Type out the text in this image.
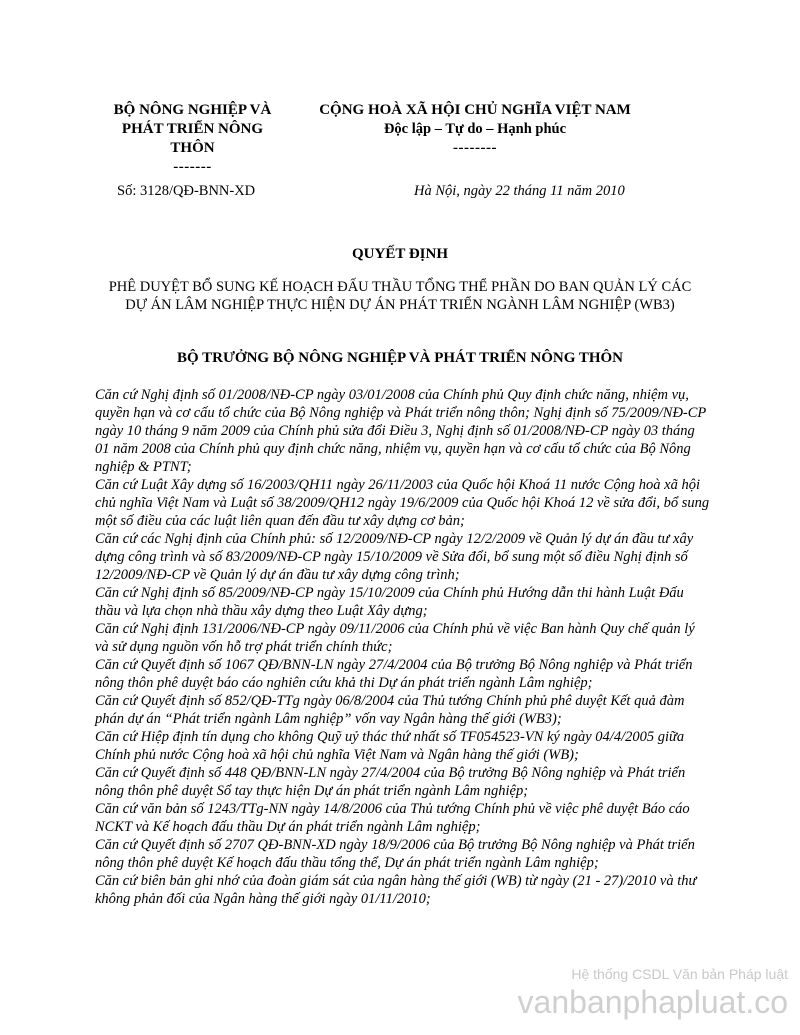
BỘ NÔNG NGHIỆP VÀ
PHÁT TRIỂN NÔNG
THÔN
-------
CỘNG HOÀ XÃ HỘI CHỦ NGHĨA VIỆT NAM
Độc lập – Tự do – Hạnh phúc
--------
Số: 3128/QĐ-BNN-XD	Hà Nội, ngày 22 tháng 11 năm 2010
QUYẾT ĐỊNH
PHÊ DUYỆT BỔ SUNG KẾ HOẠCH ĐẤU THẦU TỔNG THỂ PHẦN DO BAN QUẢN LÝ CÁC DỰ ÁN LÂM NGHIỆP THỰC HIỆN DỰ ÁN PHÁT TRIỂN NGÀNH LÂM NGHIỆP (WB3)
BỘ TRƯỞNG BỘ NÔNG NGHIỆP VÀ PHÁT TRIỂN NÔNG THÔN

Căn cứ Nghị định số 01/2008/NĐ-CP ngày 03/01/2008 của Chính phủ Quy định chức năng, nhiệm vụ, quyền hạn và cơ cấu tổ chức của Bộ Nông nghiệp và Phát triển nông thôn; Nghị định số 75/2009/NĐ-CP ngày 10 tháng 9 năm 2009 của Chính phủ sửa đổi Điều 3, Nghị định số 01/2008/NĐ-CP ngày 03 tháng 01 năm 2008 của Chính phủ quy định chức năng, nhiệm vụ, quyền hạn và cơ cấu tổ chức của Bộ Nông nghiệp & PTNT;

Căn cứ Luật Xây dựng số 16/2003/QH11 ngày 26/11/2003 của Quốc hội Khoá 11 nước Cộng hoà xã hội chủ nghĩa Việt Nam và Luật số 38/2009/QH12 ngày 19/6/2009 của Quốc hội Khoá 12 về sửa đổi, bổ sung một số điều của các luật liên quan đến đầu tư xây dựng cơ bản;

Căn cứ các Nghị định của Chính phủ: số 12/2009/NĐ-CP ngày 12/2/2009 về Quản lý dự án đầu tư xây dựng công trình và số 83/2009/NĐ-CP ngày 15/10/2009 về Sửa đổi, bổ sung một số điều Nghị định số 12/2009/NĐ-CP về Quản lý dự án đầu tư xây dựng công trình;

Căn cứ Nghị định số 85/2009/NĐ-CP ngày 15/10/2009 của Chính phủ Hướng dẫn thi hành Luật Đấu thầu và lựa chọn nhà thầu xây dựng theo Luật Xây dựng;

Căn cứ Nghị định 131/2006/NĐ-CP ngày 09/11/2006 của Chính phủ về việc Ban hành Quy chế quản lý và sử dụng nguồn vốn hỗ trợ phát triển chính thức;

Căn cứ Quyết định số 1067 QĐ/BNN-LN ngày 27/4/2004 của Bộ trưởng Bộ Nông nghiệp và Phát triển nông thôn phê duyệt báo cáo nghiên cứu khả thi Dự án phát triển ngành Lâm nghiệp;

Căn cứ Quyết định số 852/QĐ-TTg ngày 06/8/2004 của Thủ tướng Chính phủ phê duyệt Kết quả đàm phán dự án “Phát triển ngành Lâm nghiệp” vốn vay Ngân hàng thế giới (WB3);

Căn cứ Hiệp định tín dụng cho không Quỹ uỷ thác thứ nhất số TF054523-VN ký ngày 04/4/2005 giữa Chính phủ nước Cộng hoà xã hội chủ nghĩa Việt Nam và Ngân hàng thế giới (WB);

Căn cứ Quyết định số 448 QĐ/BNN-LN ngày 27/4/2004 của Bộ trưởng Bộ Nông nghiệp và Phát triển nông thôn phê duyệt Sổ tay thực hiện Dự án phát triển ngành Lâm nghiệp;

Căn cứ văn bản số 1243/TTg-NN ngày 14/8/2006 của Thủ tướng Chính phủ về việc phê duyệt Báo cáo NCKT và Kế hoạch đấu thầu Dự án phát triển ngành Lâm nghiệp;

Căn cứ Quyết định số 2707 QĐ-BNN-XD ngày 18/9/2006 của Bộ trưởng Bộ Nông nghiệp và Phát triển nông thôn phê duyệt Kế hoạch đấu thầu tổng thể, Dự án phát triển ngành Lâm nghiệp;

Căn cứ biên bản ghi nhớ của đoàn giám sát của ngân hàng thế giới (WB) từ ngày (21 - 27)/2010 và thư không phản đối của Ngân hàng thế giới ngày 01/11/2010;

Hệ thống CSDL Văn bản Pháp luật
vanbanphapluat.co
